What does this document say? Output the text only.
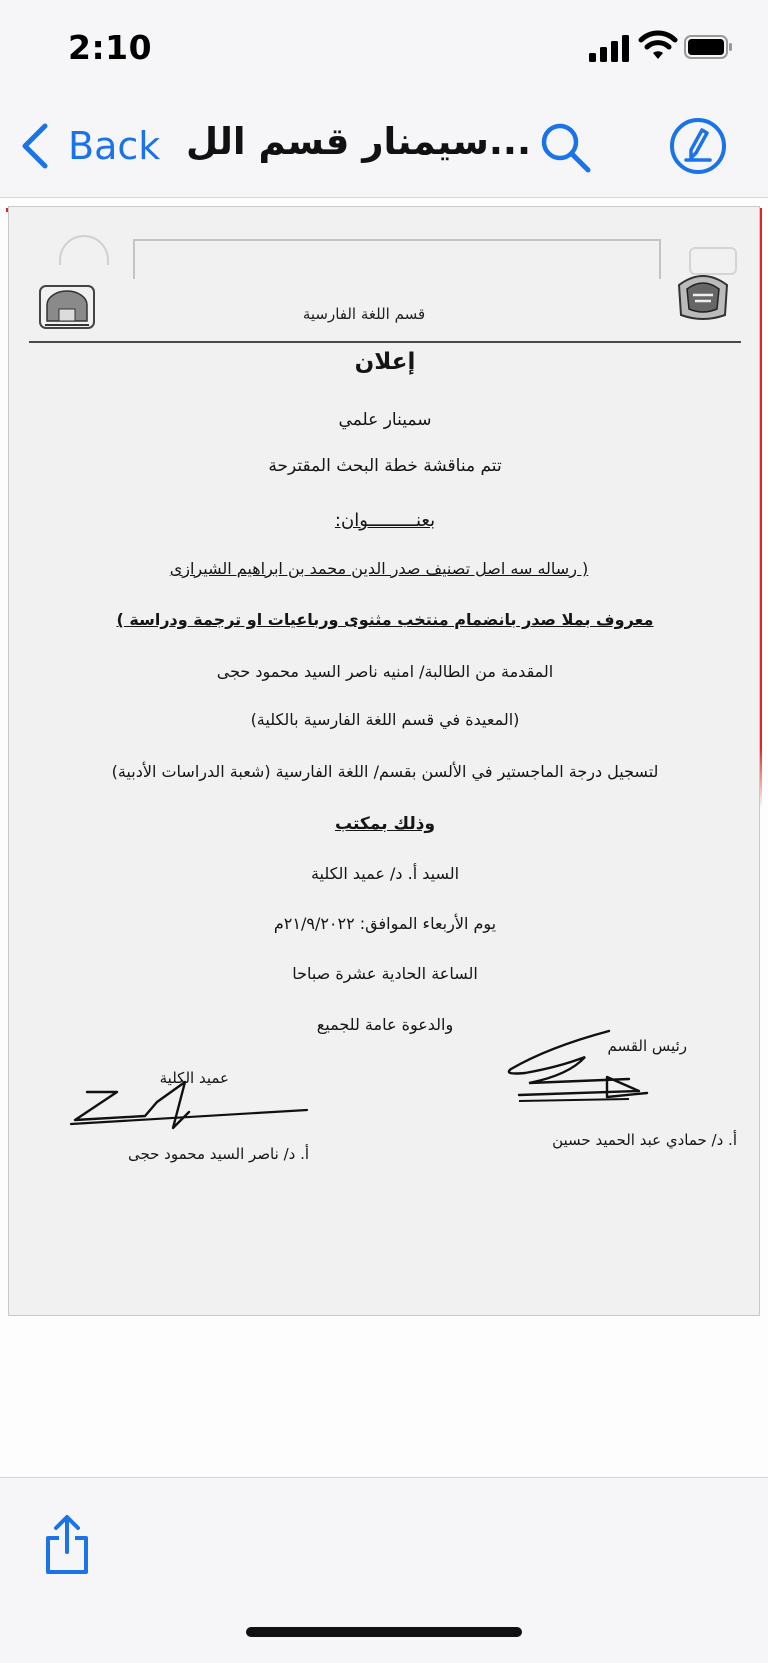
2:10
Back سيمنار قسم الل...
قسم اللغة الفارسية
إعلان
سمينار علمي
تتم مناقشة خطة البحث المقترحة
بعنـــــــــوان:
( رساله سه اصل تصنيف صدر الدين محمد بن ابراهيم الشيرازى
معروف بملا صدر بانضمام منتخب مثنوى ورباعيات او ترجمة ودراسة )
المقدمة من الطالبة/ امنيه ناصر السيد محمود حجى
(المعيدة في قسم اللغة الفارسية بالكلية)
لتسجيل درجة الماجستير في الألسن بقسم/ اللغة الفارسية (شعبة الدراسات الأدبية)
وذلك بمكتب
السيد أ. د/ عميد الكلية
يوم الأربعاء الموافق: ٢١/٩/٢٠٢٢م
الساعة الحادية عشرة صباحا
والدعوة عامة للجميع
رئيس القسم
أ. د/ حمادي عبد الحميد حسين
عميد الكلية
أ. د/ ناصر السيد محمود حجى
